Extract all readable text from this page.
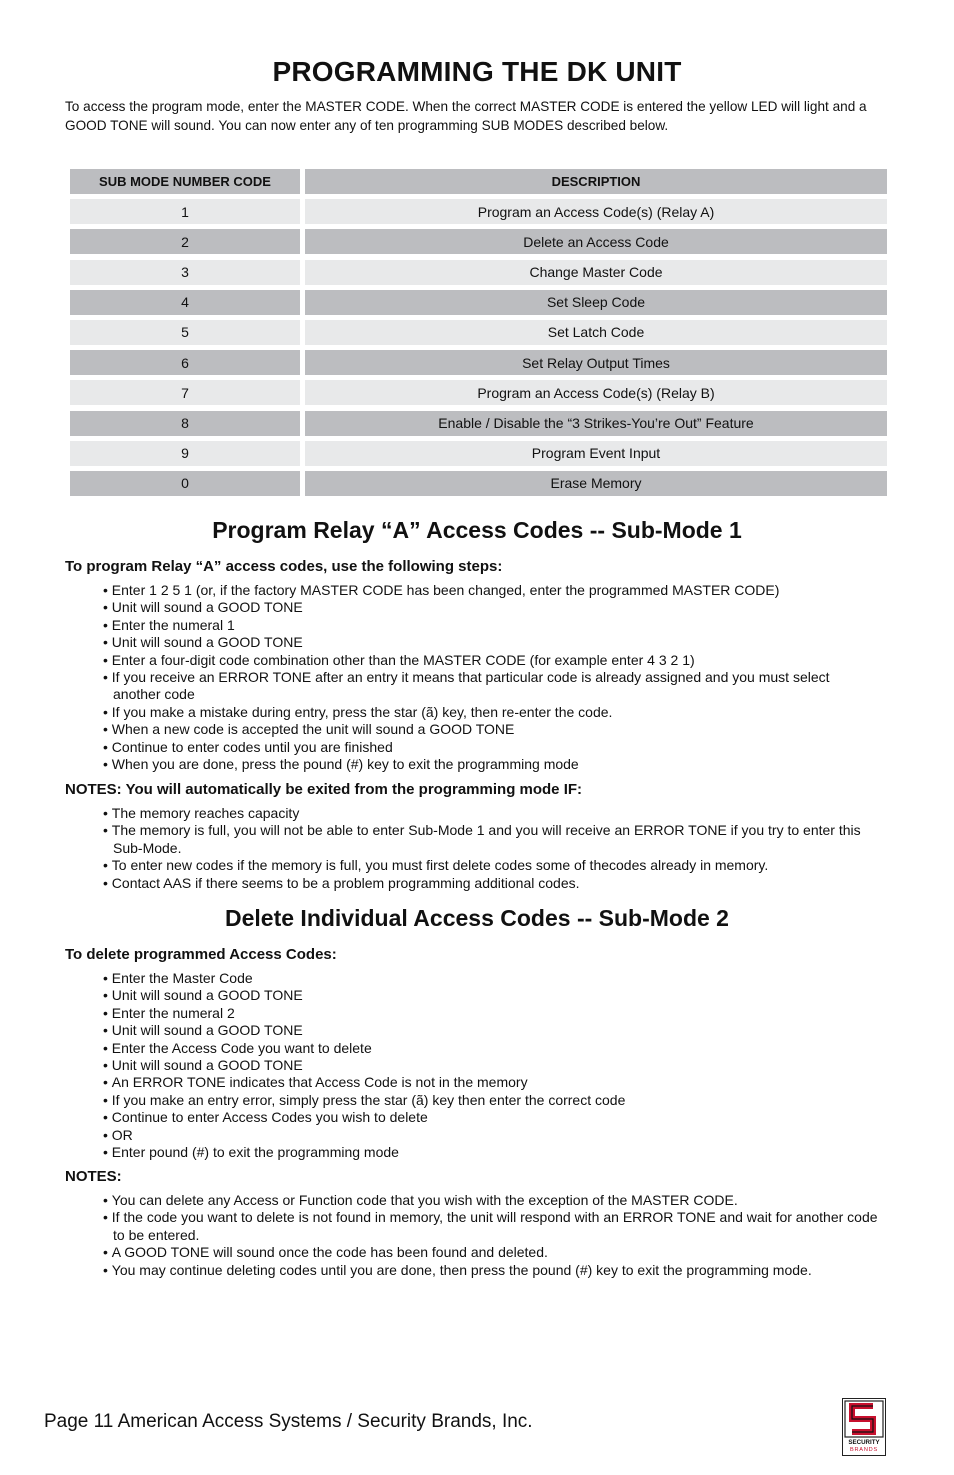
PROGRAMMING THE DK UNIT

To access the program mode, enter the MASTER CODE. When the correct MASTER CODE is entered the yellow LED will light and a GOOD TONE will sound. You can now enter any of ten programming SUB MODES described below.

SUB MODE NUMBER CODE	DESCRIPTION
1	Program an Access Code(s) (Relay A)
2	Delete an Access Code
3	Change Master Code
4	Set Sleep Code
5	Set Latch Code
6	Set Relay Output Times
7	Program an Access Code(s) (Relay B)
8	Enable / Disable the “3 Strikes-You’re Out” Feature
9	Program Event Input
0	Erase Memory
Program Relay “A” Access Codes -- Sub-Mode 1

To program Relay “A” access codes, use the following steps:

• Enter 1 2 5 1 (or, if the factory MASTER CODE has been changed, enter the programmed MASTER CODE)
• Unit will sound a GOOD TONE
• Enter the numeral 1
• Unit will sound a GOOD TONE
• Enter a four-digit code combination other than the MASTER CODE (for example enter 4 3 2 1)
• If you receive an ERROR TONE after an entry it means that particular code is already assigned and you must select another code
• If you make a mistake during entry, press the star (ã) key, then re-enter the code.
• When a new code is accepted the unit will sound a GOOD TONE
• Continue to enter codes until you are finished
• When you are done, press the pound (#) key to exit the programming mode

NOTES: You will automatically be exited from the programming mode IF:

• The memory reaches capacity
• The memory is full, you will not be able to enter Sub-Mode 1 and you will receive an ERROR TONE if you try to enter this Sub-Mode.
• To enter new codes if the memory is full, you must first delete codes some of thecodes already in memory.
• Contact AAS if there seems to be a problem programming additional codes.
Delete Individual Access Codes -- Sub-Mode 2

To delete programmed Access Codes:

• Enter the Master Code
• Unit will sound a GOOD TONE
• Enter the numeral 2
• Unit will sound a GOOD TONE
• Enter the Access Code you want to delete
• Unit will sound a GOOD TONE
• An ERROR TONE indicates that Access Code is not in the memory
• If you make an entry error, simply press the star (ã) key then enter the correct code
• Continue to enter Access Codes you wish to delete
• OR
• Enter pound (#) to exit the programming mode

NOTES:

• You can delete any Access or Function code that you wish with the exception of the MASTER CODE.
• If the code you want to delete is not found in memory, the unit will respond with an ERROR TONE and wait for another code to be entered.
• A GOOD TONE will sound once the code has been found and deleted.
• You may continue deleting codes until you are done, then press the pound (#) key to exit the programming mode.

Page 11 American Access Systems / Security Brands, Inc.

SECURITY
BRANDS
